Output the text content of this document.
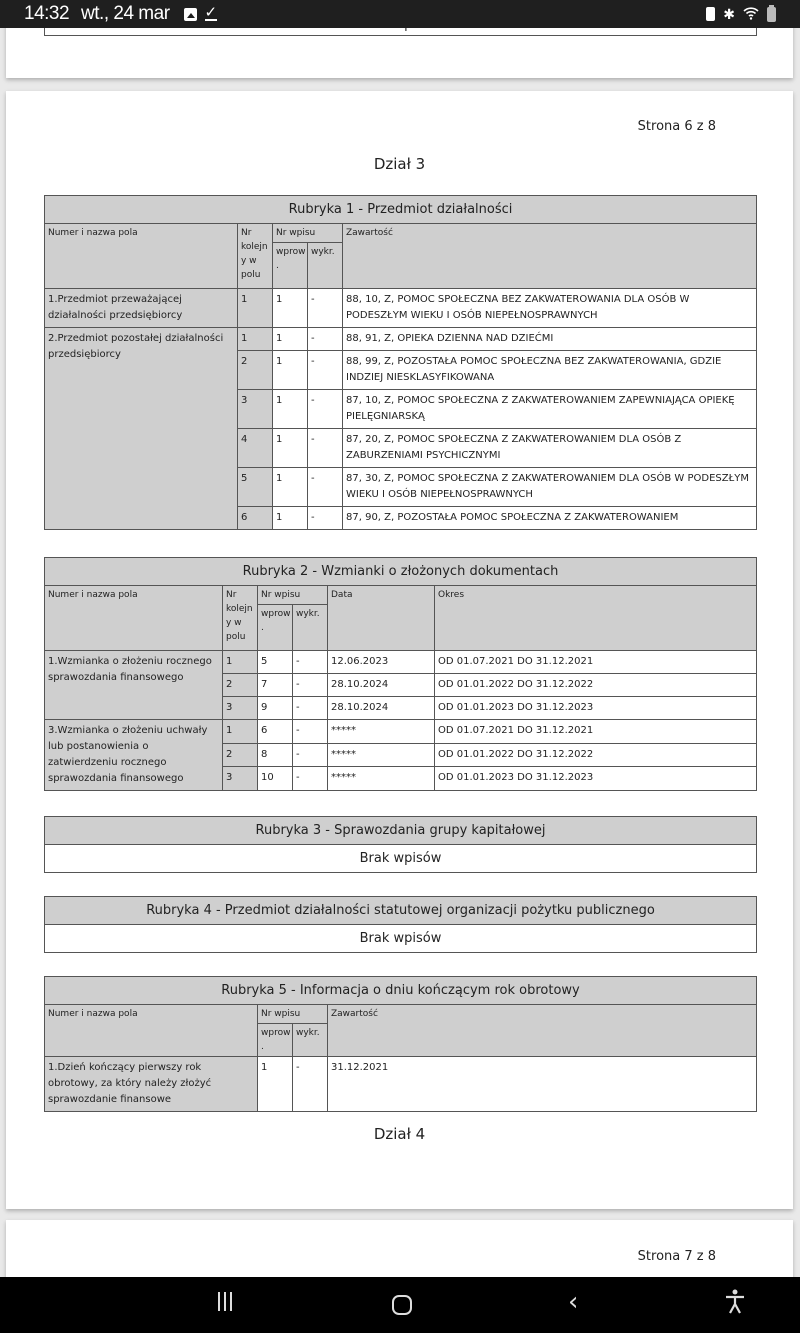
14:32 wt., 24 mar ✓	✱
Strona 6 z 8
Dział 3
Rubryka 1 - Przedmiot działalności				
Numer i nazwa pola	Nr kolejn y w polu	Nr wpisu		Zawartość
		wprow .	wykr.	
1.Przedmiot przeważającej działalności przedsiębiorcy	1	1	-	88, 10, Z, POMOC SPOŁECZNA BEZ ZAKWATEROWANIA DLA OSÓB W PODESZŁYM WIEKU I OSÓB NIEPEŁNOSPRAWNYCH
2.Przedmiot pozostałej działalności przedsiębiorcy	1	1	-	88, 91, Z, OPIEKA DZIENNA NAD DZIEĆMI
	2	1	-	88, 99, Z, POZOSTAŁA POMOC SPOŁECZNA BEZ ZAKWATEROWANIA, GDZIE INDZIEJ NIESKLASYFIKOWANA
	3	1	-	87, 10, Z, POMOC SPOŁECZNA Z ZAKWATEROWANIEM ZAPEWNIAJĄCA OPIEKĘ PIELĘGNIARSKĄ
	4	1	-	87, 20, Z, POMOC SPOŁECZNA Z ZAKWATEROWANIEM DLA OSÓB Z ZABURZENIAMI PSYCHICZNYMI
	5	1	-	87, 30, Z, POMOC SPOŁECZNA Z ZAKWATEROWANIEM DLA OSÓB W PODESZŁYM WIEKU I OSÓB NIEPEŁNOSPRAWNYCH
	6	1	-	87, 90, Z, POZOSTAŁA POMOC SPOŁECZNA Z ZAKWATEROWANIEM
Rubryka 2 - Wzmianki o złożonych dokumentach					
Numer i nazwa pola	Nr kolejn y w polu	Nr wpisu		Data	Okres
		wprow .	wykr.		
1.Wzmianka o złożeniu rocznego sprawozdania finansowego	1	5	-	12.06.2023	OD 01.07.2021 DO 31.12.2021
	2	7	-	28.10.2024	OD 01.01.2022 DO 31.12.2022
	3	9	-	28.10.2024	OD 01.01.2023 DO 31.12.2023
3.Wzmianka o złożeniu uchwały lub postanowienia o zatwierdzeniu rocznego sprawozdania finansowego	1	6	-	*****	OD 01.07.2021 DO 31.12.2021
	2	8	-	*****	OD 01.01.2022 DO 31.12.2022
	3	10	-	*****	OD 01.01.2023 DO 31.12.2023
Rubryka 3 - Sprawozdania grupy kapitałowej
Brak wpisów
Rubryka 4 - Przedmiot działalności statutowej organizacji pożytku publicznego
Brak wpisów
Rubryka 5 - Informacja o dniu kończącym rok obrotowy			
Numer i nazwa pola	Nr wpisu		Zawartość
	wprow .	wykr.	
1.Dzień kończący pierwszy rok obrotowy, za który należy złożyć sprawozdanie finansowe	1	-	31.12.2021
Dział 4
Strona 7 z 8
‹
